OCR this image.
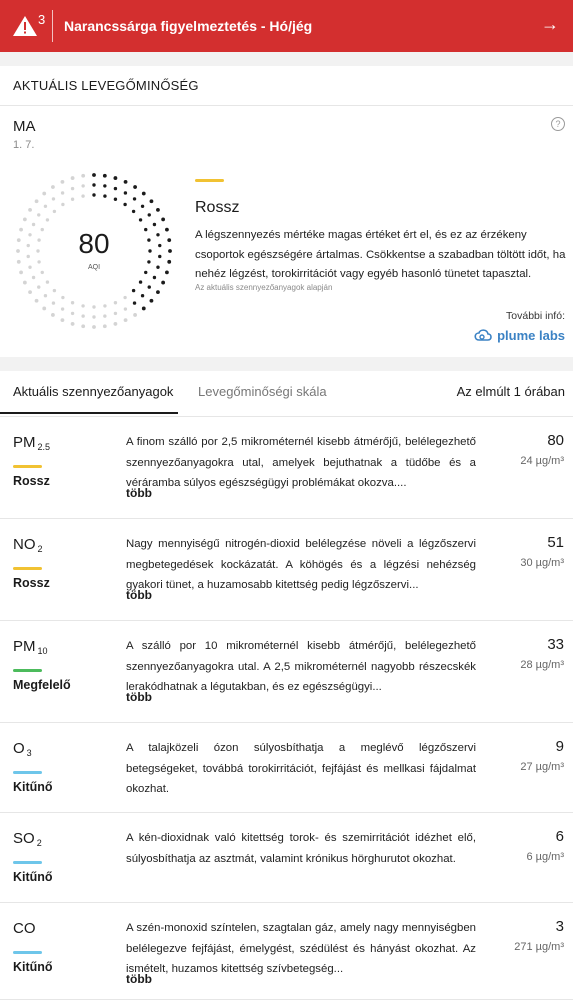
3 Narancssárga figyelmeztetés - Hó/jég	→
AKTUÁLIS LEVEGŐMINŐSÉG
MA
1. 7.
?
80
AQI
Rossz
A légszennyezés mértéke magas értéket ért el, és ez az érzékeny csoportok egészségére ártalmas. Csökkentse a szabadban töltött időt, ha nehéz légzést, torokirritációt vagy egyéb hasonló tünetet tapasztal.
Az aktuális szennyezőanyagok alapján
További infó:
plume labs
Aktuális szennyezőanyagok Levegőminőségi skála	Az elmúlt 1 órában
PM $_{2.5}$
Rossz
A finom szálló por 2,5 mikrométernél kisebb átmérőjű, belélegezhető szennyezőanyagokra utal, amelyek bejuthatnak a tüdőbe és a véráramba súlyos egészségügyi problémákat okozva....
több
80
24 µg/m³
NO $_2$
Rossz
Nagy mennyiségű nitrogén-dioxid belélegzése növeli a légzőszervi megbetegedések kockázatát. A köhögés és a légzési nehézség gyakori tünet, a huzamosabb kitettség pedig légzőszervi...
több
51
30 µg/m³
PM $_{10}$
Megfelelő
A szálló por 10 mikrométernél kisebb átmérőjű, belélegezhető szennyezőanyagokra utal. A 2,5 mikrométernél nagyobb részecskék lerakódhatnak a légutakban, és ez egészségügyi...
több
33
28 µg/m³
O $_3$
Kitűnő
A talajközeli ózon súlyosbíthatja a meglévő légzőszervi betegségeket, továbbá torokirritációt, fejfájást és mellkasi fájdalmat okozhat.
9
27 µg/m³
SO $_2$
Kitűnő
A kén-dioxidnak való kitettség torok- és szemirritációt idézhet elő, súlyosbíthatja az asztmát, valamint krónikus hörghurutot okozhat.
6
6 µg/m³
CO
Kitűnő
A szén-monoxid színtelen, szagtalan gáz, amely nagy mennyiségben belélegezve fejfájást, émelygést, szédülést és hányást okozhat. Az ismételt, huzamos kitettség szívbetegség...
több
3
271 µg/m³
